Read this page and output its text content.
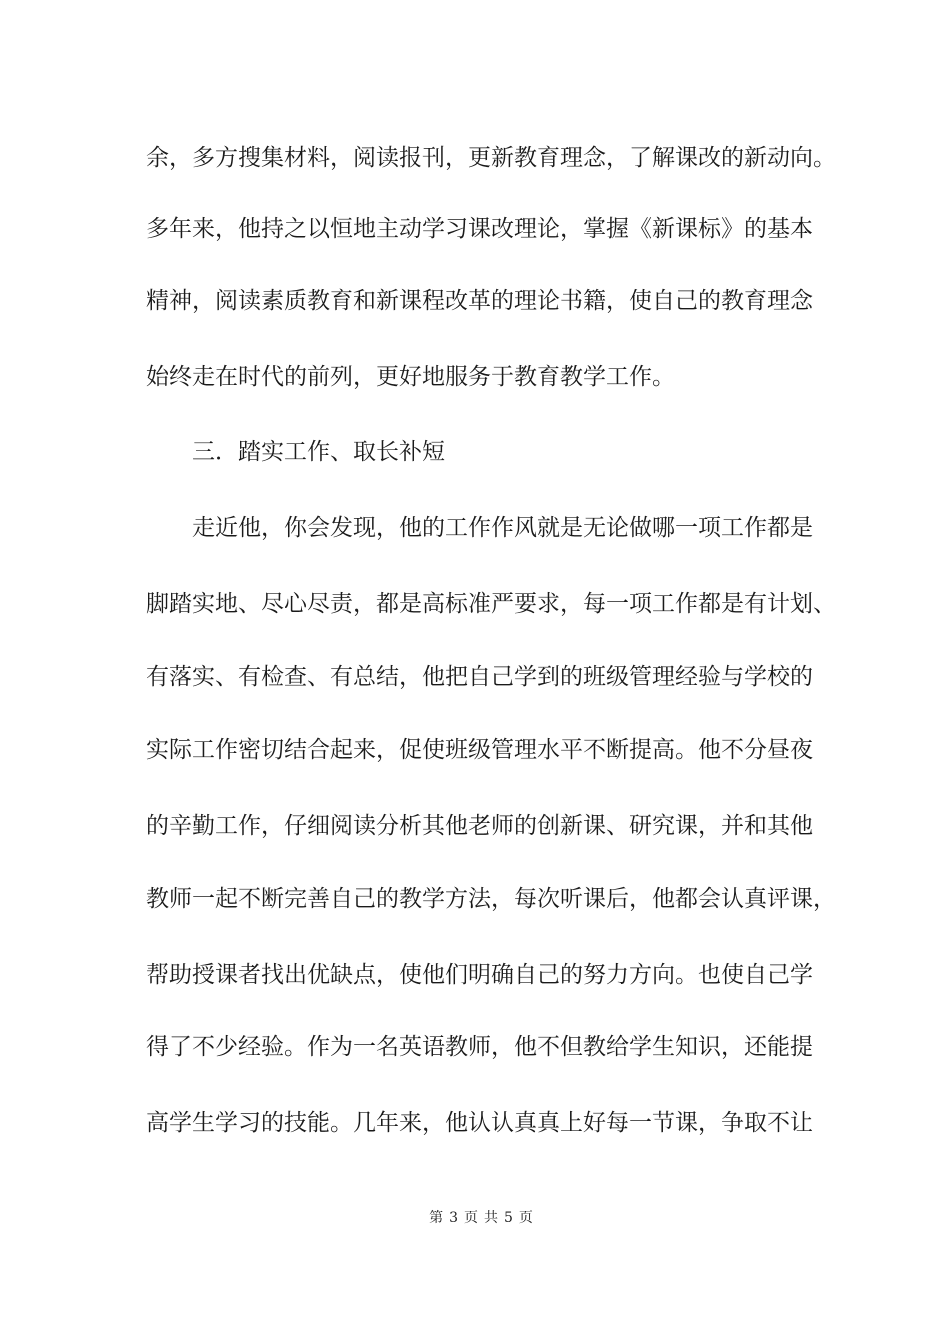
余，多方搜集材料，阅读报刊，更新教育理念，了解课改的新动向。
多年来，他持之以恒地主动学习课改理论，掌握《新课标》的基本
精神，阅读素质教育和新课程改革的理论书籍，使自己的教育理念
始终走在时代的前列，更好地服务于教育教学工作。
三．踏实工作、取长补短
走近他，你会发现，他的工作作风就是无论做哪一项工作都是
脚踏实地、尽心尽责，都是高标准严要求，每一项工作都是有计划、
有落实、有检查、有总结，他把自己学到的班级管理经验与学校的
实际工作密切结合起来，促使班级管理水平不断提高。他不分昼夜
的辛勤工作，仔细阅读分析其他老师的创新课、研究课，并和其他
教师一起不断完善自己的教学方法，每次听课后，他都会认真评课，
帮助授课者找出优缺点，使他们明确自己的努力方向。也使自己学
得了不少经验。作为一名英语教师，他不但教给学生知识，还能提
高学生学习的技能。几年来，他认认真真上好每一节课，争取不让
第 3 页 共 5 页
